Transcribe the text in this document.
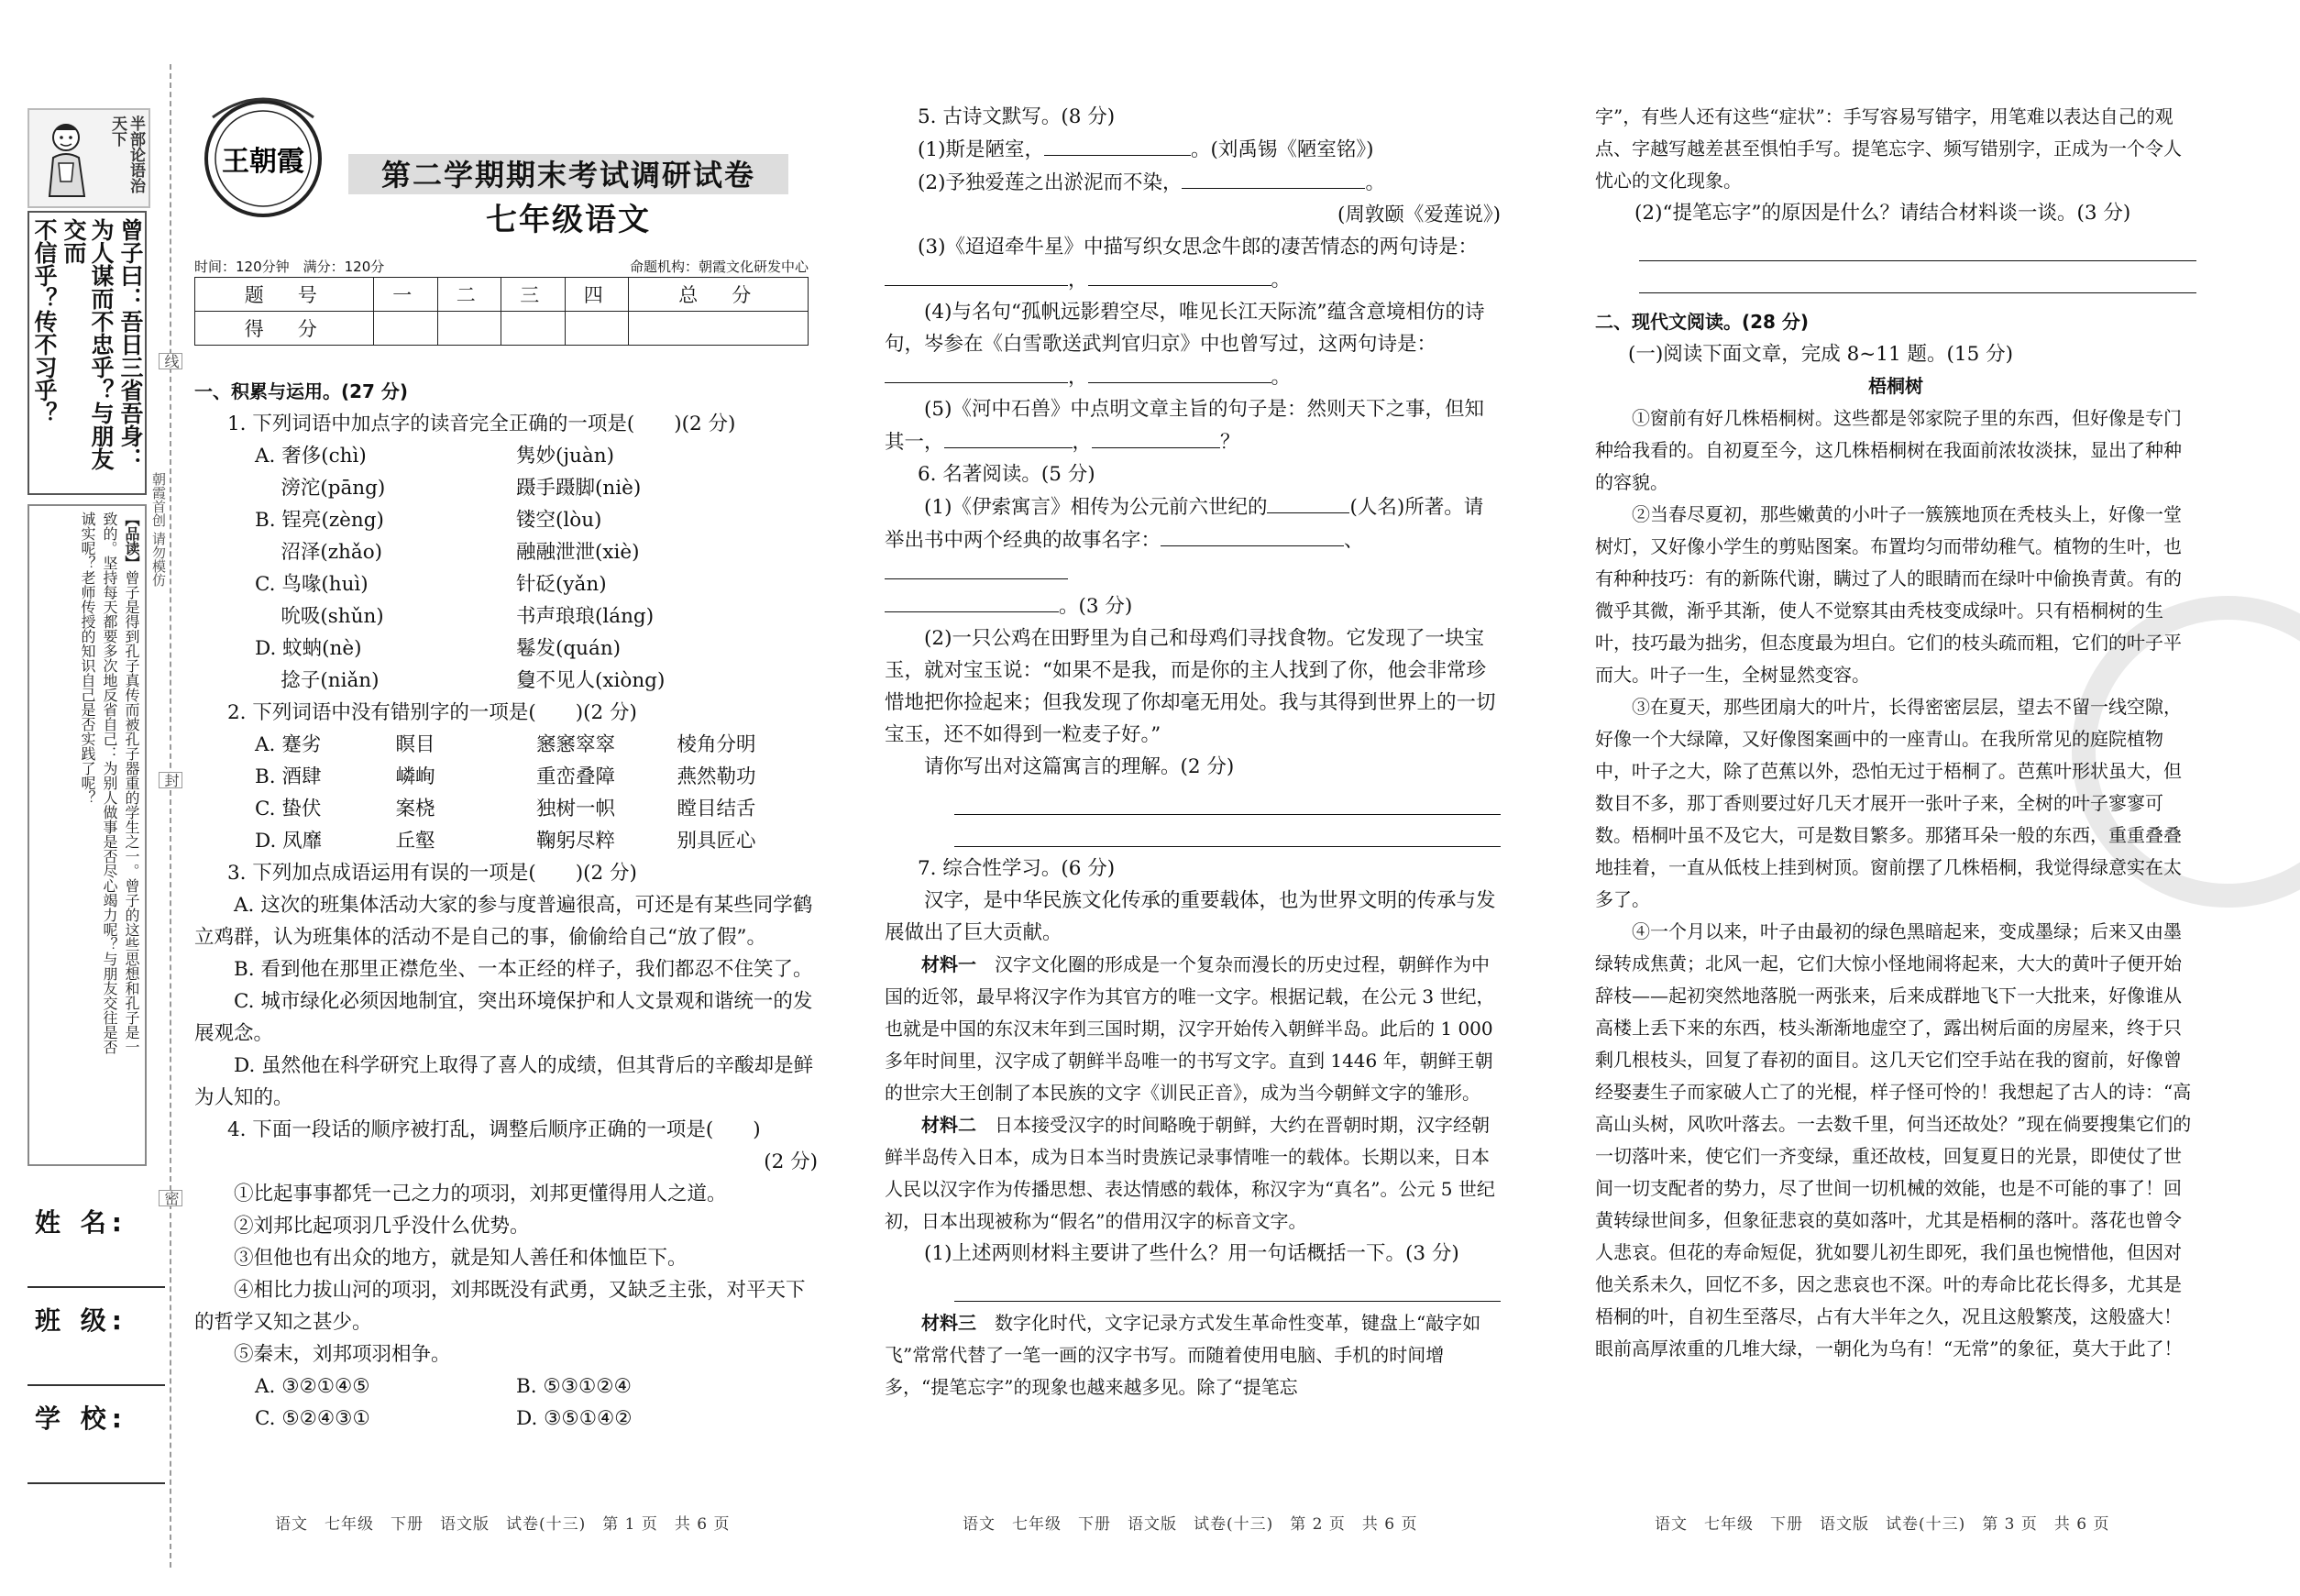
半部论语治天下
曾子曰：吾日三省吾身：
为人谋而不忠乎？与朋友交而
不信乎？传不习乎？
【品读】曾子是得到孔子真传而被孔子器重的学生之一。曾子的这些思想和孔子是一
致的。坚持每天都要多次地反省自己：为别人做事是否尽心竭力呢？与朋友交往是否
诚实呢？老师传授的知识自己是否实践了呢？
姓 名:
班 级:
学 校:
线
封
密
朝霞首创 请勿模仿
王朝霞	第二学期期末考试调研试卷
七年级语文
时间：120分钟　满分：120分	命题机构：朝霞文化研发中心
题　号	一	二	三	四	总　分
得　分					

一、积累与运用。(27 分)

1. 下列词语中加点字的读音完全正确的一项是(　　)(2 分)

A. 奢侈(chì)	隽妙(juàn)
　 滂沱(pāng)	蹑手蹑脚(niè)
B. 锃亮(zèng)	镂空(lòu)
　 沼泽(zhǎo)	融融泄泄(xiè)
C. 鸟喙(huì)	针砭(yǎn)
　 吮吸(shǔn)	书声琅琅(láng)
D. 蚊蚋(nè)	鬈发(quán)
　 捻子(niǎn)	敻不见人(xiòng)

2. 下列词语中没有错别字的一项是(　　)(2 分)

A. 蹇劣	瞑目	窸窸窣窣	棱角分明
B. 酒肆	嶙峋	重峦叠障	燕然勒功
C. 蛰伏	案桡	独树一帜	瞠目结舌
D. 凤靡	丘壑	鞠躬尽粹	别具匠心

3. 下列加点成语运用有误的一项是(　　)(2 分)

A. 这次的班集体活动大家的参与度普遍很高，可还是有某些同学鹤立鸡群，认为班集体的活动不是自己的事，偷偷给自己“放了假”。

B. 看到他在那里正襟危坐、一本正经的样子，我们都忍不住笑了。

C. 城市绿化必须因地制宜，突出环境保护和人文景观和谐统一的发展观念。

D. 虽然他在科学研究上取得了喜人的成绩，但其背后的辛酸却是鲜为人知的。

4. 下面一段话的顺序被打乱，调整后顺序正确的一项是(　　)

(2 分)

①比起事事都凭一己之力的项羽，刘邦更懂得用人之道。

②刘邦比起项羽几乎没什么优势。

③但他也有出众的地方，就是知人善任和体恤臣下。

④相比力拔山河的项羽，刘邦既没有武勇，又缺乏主张，对平天下的哲学又知之甚少。

⑤秦末，刘邦项羽相争。

A. ③②①④⑤	B. ⑤③①②④
C. ⑤②④③①	D. ③⑤①④②

5. 古诗文默写。(8 分)

(1)斯是陋室，	。(刘禹锡《陋室铭》)

(2)予独爱莲之出淤泥而不染，	。

(周敦颐《爱莲说》)

(3)《迢迢牵牛星》中描写织女思念牛郎的凄苦情态的两句诗是：

，	。

(4)与名句“孤帆远影碧空尽，唯见长江天际流”蕴含意境相仿的诗句，岑参在《白雪歌送武判官归京》中也曾写过，这两句诗是：

，	。

(5)《河中石兽》中点明文章主旨的句子是：然则天下之事，但知其一，	，	？

6. 名著阅读。(5 分)

(1)《伊索寓言》相传为公元前六世纪的	(人名)所著。请举出书中两个经典的故事名字：	、

。(3 分)

(2)一只公鸡在田野里为自己和母鸡们寻找食物。它发现了一块宝玉，就对宝玉说：“如果不是我，而是你的主人找到了你，他会非常珍惜地把你捡起来；但我发现了你却毫无用处。我与其得到世界上的一切宝玉，还不如得到一粒麦子好。”

请你写出对这篇寓言的理解。(2 分)

7. 综合性学习。(6 分)

汉字，是中华民族文化传承的重要载体，也为世界文明的传承与发展做出了巨大贡献。

材料一　 汉字文化圈的形成是一个复杂而漫长的历史过程，朝鲜作为中国的近邻，最早将汉字作为其官方的唯一文字。根据记载，在公元 3 世纪，也就是中国的东汉末年到三国时期，汉字开始传入朝鲜半岛。此后的 1 000 多年时间里，汉字成了朝鲜半岛唯一的书写文字。直到 1446 年，朝鲜王朝的世宗大王创制了本民族的文字《训民正音》，成为当今朝鲜文字的雏形。

材料二　 日本接受汉字的时间略晚于朝鲜，大约在晋朝时期，汉字经朝鲜半岛传入日本，成为日本当时贵族记录事情唯一的载体。长期以来，日本人民以汉字作为传播思想、表达情感的载体，称汉字为“真名”。公元 5 世纪初，日本出现被称为“假名”的借用汉字的标音文字。

(1)上述两则材料主要讲了些什么？用一句话概括一下。(3 分)

材料三　 数字化时代，文字记录方式发生革命性变革，键盘上“敲字如飞”常常代替了一笔一画的汉字书写。而随着使用电脑、手机的时间增多，“提笔忘字”的现象也越来越多见。除了“提笔忘

字”，有些人还有这些“症状”：手写容易写错字，用笔难以表达自己的观点、字越写越差甚至惧怕手写。提笔忘字、频写错别字，正成为一个令人忧心的文化现象。

(2)“提笔忘字”的原因是什么？请结合材料谈一谈。(3 分)

二、现代文阅读。(28 分)

(一)阅读下面文章，完成 8~11 题。(15 分)

梧桐树

①窗前有好几株梧桐树。这些都是邻家院子里的东西，但好像是专门种给我看的。自初夏至今，这几株梧桐树在我面前浓妆淡抹，显出了种种的容貌。

②当春尽夏初，那些嫩黄的小叶子一簇簇地顶在秃枝头上，好像一堂树灯，又好像小学生的剪贴图案。布置均匀而带幼稚气。植物的生叶，也有种种技巧：有的新陈代谢，瞒过了人的眼睛而在绿叶中偷换青黄。有的微乎其微，渐乎其渐，使人不觉察其由秃枝变成绿叶。只有梧桐树的生叶，技巧最为拙劣，但态度最为坦白。它们的枝头疏而粗，它们的叶子平而大。叶子一生，全树显然变容。

③在夏天，那些团扇大的叶片，长得密密层层，望去不留一线空隙，好像一个大绿障，又好像图案画中的一座青山。在我所常见的庭院植物中，叶子之大，除了芭蕉以外，恐怕无过于梧桐了。芭蕉叶形状虽大，但数目不多，那丁香则要过好几天才展开一张叶子来，全树的叶子寥寥可数。梧桐叶虽不及它大，可是数目繁多。那猪耳朵一般的东西，重重叠叠地挂着，一直从低枝上挂到树顶。窗前摆了几株梧桐，我觉得绿意实在太多了。

④一个月以来，叶子由最初的绿色黑暗起来，变成墨绿；后来又由墨绿转成焦黄；北风一起，它们大惊小怪地闹将起来，大大的黄叶子便开始辞枝——起初突然地落脱一两张来，后来成群地飞下一大批来，好像谁从高楼上丢下来的东西，枝头渐渐地虚空了，露出树后面的房屋来，终于只剩几根枝头，回复了春初的面目。这几天它们空手站在我的窗前，好像曾经娶妻生子而家破人亡了的光棍，样子怪可怜的！我想起了古人的诗：“高高山头树，风吹叶落去。一去数千里，何当还故处？”现在倘要搜集它们的一切落叶来，使它们一齐变绿，重还故枝，回复夏日的光景，即使仗了世间一切支配者的势力，尽了世间一切机械的效能，也是不可能的事了！回黄转绿世间多，但象征悲哀的莫如落叶，尤其是梧桐的落叶。落花也曾令人悲哀。但花的寿命短促，犹如婴儿初生即死，我们虽也惋惜他，但因对他关系未久，回忆不多，因之悲哀也不深。叶的寿命比花长得多，尤其是梧桐的叶，自初生至落尽，占有大半年之久，况且这般繁茂，这般盛大！眼前高厚浓重的几堆大绿，一朝化为乌有！“无常”的象征，莫大于此了！

语文　七年级　下册　语文版　试卷(十三)　第 1 页　共 6 页	语文　七年级　下册　语文版　试卷(十三)　第 2 页　共 6 页	语文　七年级　下册　语文版　试卷(十三)　第 3 页　共 6 页
